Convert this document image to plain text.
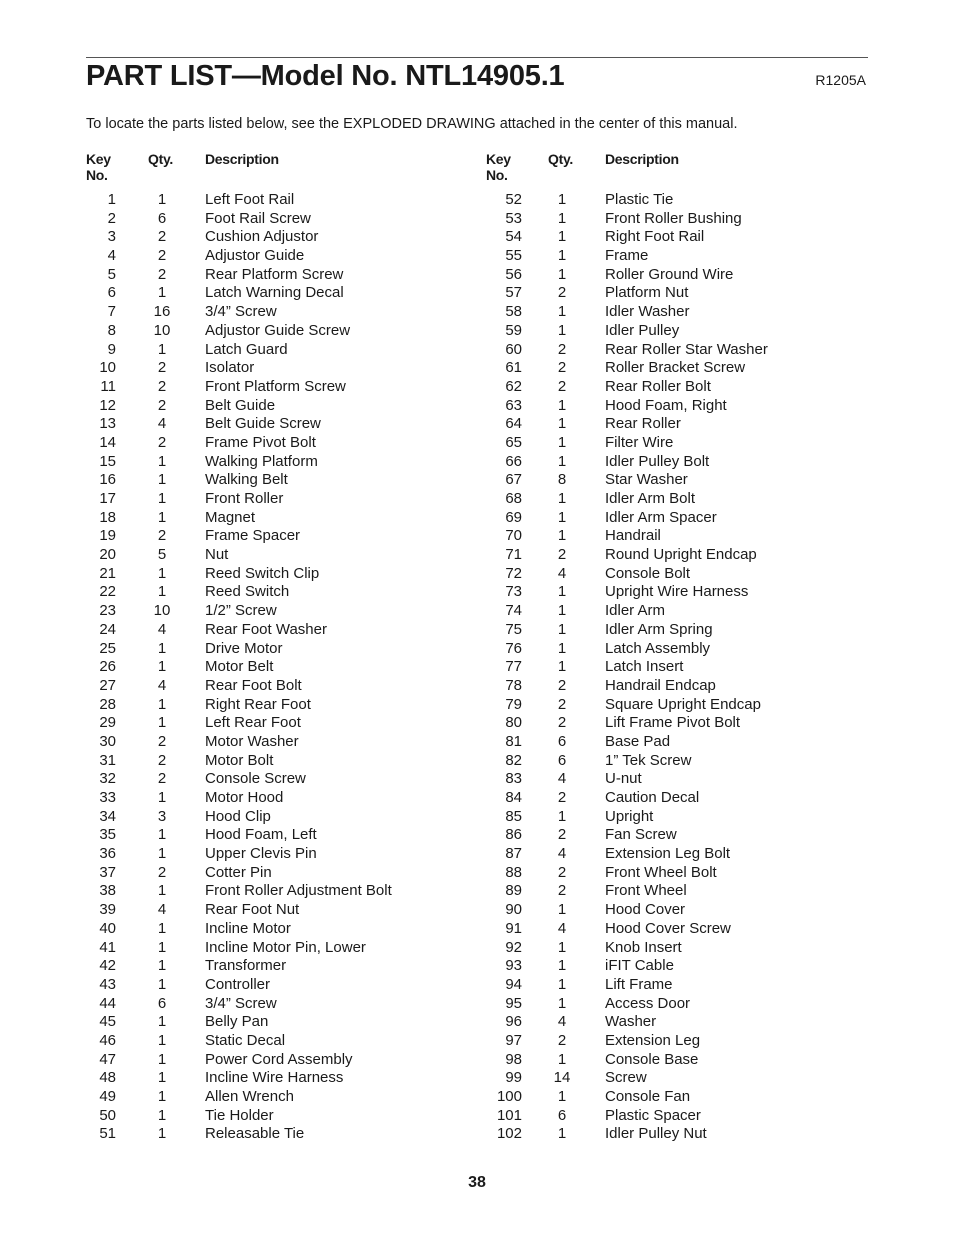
PART LIST—Model No. NTL14905.1	R1205A
To locate the parts listed below, see the EXPLODED DRAWING attached in the center of this manual.
Key No.
Qty. Description
1	1	Left Foot Rail
2	6	Foot Rail Screw
3	2	Cushion Adjustor
4	2	Adjustor Guide
5	2	Rear Platform Screw
6	1	Latch Warning Decal
7	16 3/4” Screw
8	10 Adjustor Guide Screw
9	1	Latch Guard
10	2	Isolator
11	2	Front Platform Screw
12	2	Belt Guide
13	4	Belt Guide Screw
14	2	Frame Pivot Bolt
15	1	Walking Platform
16	1	Walking Belt
17	1	Front Roller
18	1	Magnet
19	2	Frame Spacer
20	5	Nut
21	1	Reed Switch Clip
22	1	Reed Switch
23	10 1/2” Screw
24	4	Rear Foot Washer
25	1	Drive Motor
26	1	Motor Belt
27	4	Rear Foot Bolt
28	1	Right Rear Foot
29	1	Left Rear Foot
30	2	Motor Washer
31	2	Motor Bolt
32	2	Console Screw
33	1	Motor Hood
34	3	Hood Clip
35	1	Hood Foam, Left
36	1	Upper Clevis Pin
37	2	Cotter Pin
38	1	Front Roller Adjustment Bolt
39	4	Rear Foot Nut
40	1	Incline Motor
41	1	Incline Motor Pin, Lower
42	1	Transformer
43	1	Controller
44	6	3/4” Screw
45	1	Belly Pan
46	1	Static Decal
47	1	Power Cord Assembly
48	1	Incline Wire Harness
49	1	Allen Wrench
50	1	Tie Holder
51	1	Releasable Tie
Key No.
Qty. Description
52	1	Plastic Tie
53	1	Front Roller Bushing
54	1	Right Foot Rail
55	1	Frame
56	1	Roller Ground Wire
57	2	Platform Nut
58	1	Idler Washer
59	1	Idler Pulley
60	2	Rear Roller Star Washer
61	2	Roller Bracket Screw
62	2	Rear Roller Bolt
63	1	Hood Foam, Right
64	1	Rear Roller
65	1	Filter Wire
66	1	Idler Pulley Bolt
67	8	Star Washer
68	1	Idler Arm Bolt
69	1	Idler Arm Spacer
70	1	Handrail
71	2	Round Upright Endcap
72	4	Console Bolt
73	1	Upright Wire Harness
74	1	Idler Arm
75	1	Idler Arm Spring
76	1	Latch Assembly
77	1	Latch Insert
78	2	Handrail Endcap
79	2	Square Upright Endcap
80	2	Lift Frame Pivot Bolt
81	6	Base Pad
82	6	1” Tek Screw
83	4	U-nut
84	2	Caution Decal
85	1	Upright
86	2	Fan Screw
87	4	Extension Leg Bolt
88	2	Front Wheel Bolt
89	2	Front Wheel
90	1	Hood Cover
91	4	Hood Cover Screw
92	1	Knob Insert
93	1	iFIT Cable
94	1	Lift Frame
95	1	Access Door
96	4	Washer
97	2	Extension Leg
98	1	Console Base
99 14 Screw
100	1	Console Fan
101	6	Plastic Spacer
102	1	Idler Pulley Nut
38
